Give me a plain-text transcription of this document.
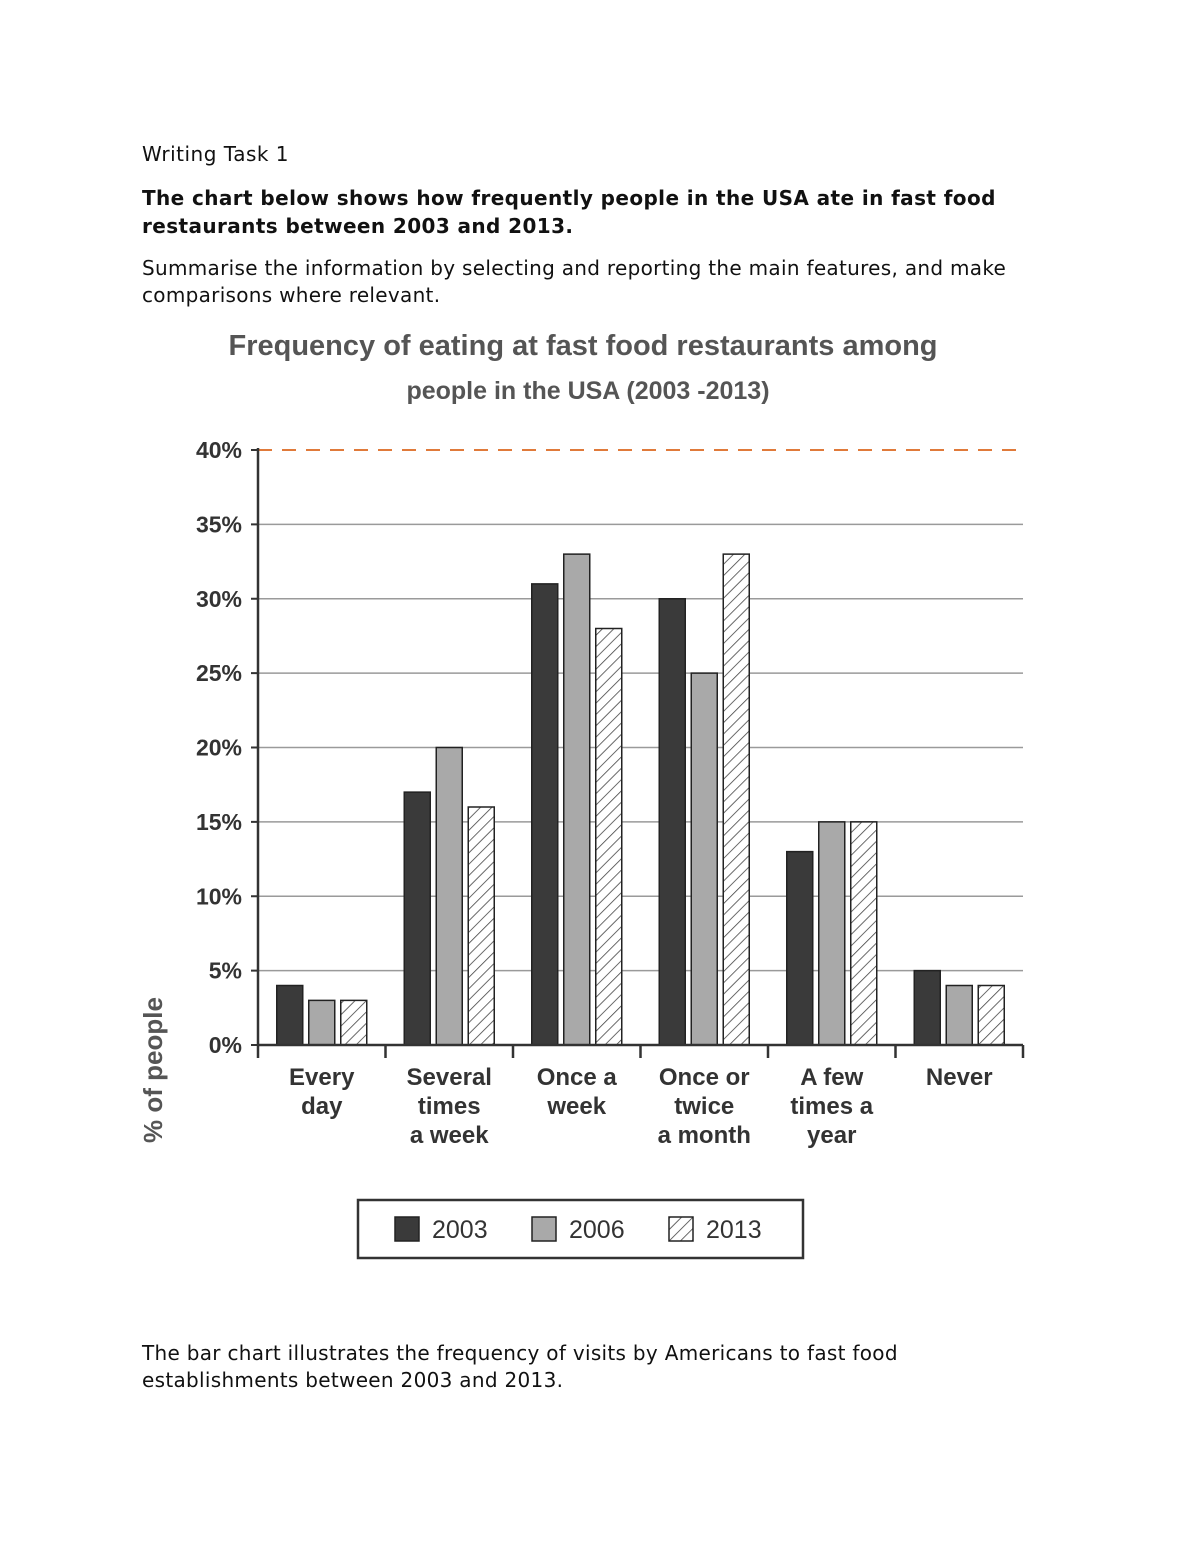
Writing Task 1

The chart below shows how frequently people in the USA ate in fast food restaurants between 2003 and 2013.

Summarise the information by selecting and reporting the main features, and make comparisons where relevant.

Frequency of eating at fast food restaurants among
people in the USA (2003 -2013)
0%
5%
10%
15%
20%
25%
30%
35%
40%
Every day
Several times a week
Once a week
Once or twice a month
A few times a year
Never
% of people
2003	2006	2013

The bar chart illustrates the frequency of visits by Americans to fast food establishments between 2003 and 2013.
